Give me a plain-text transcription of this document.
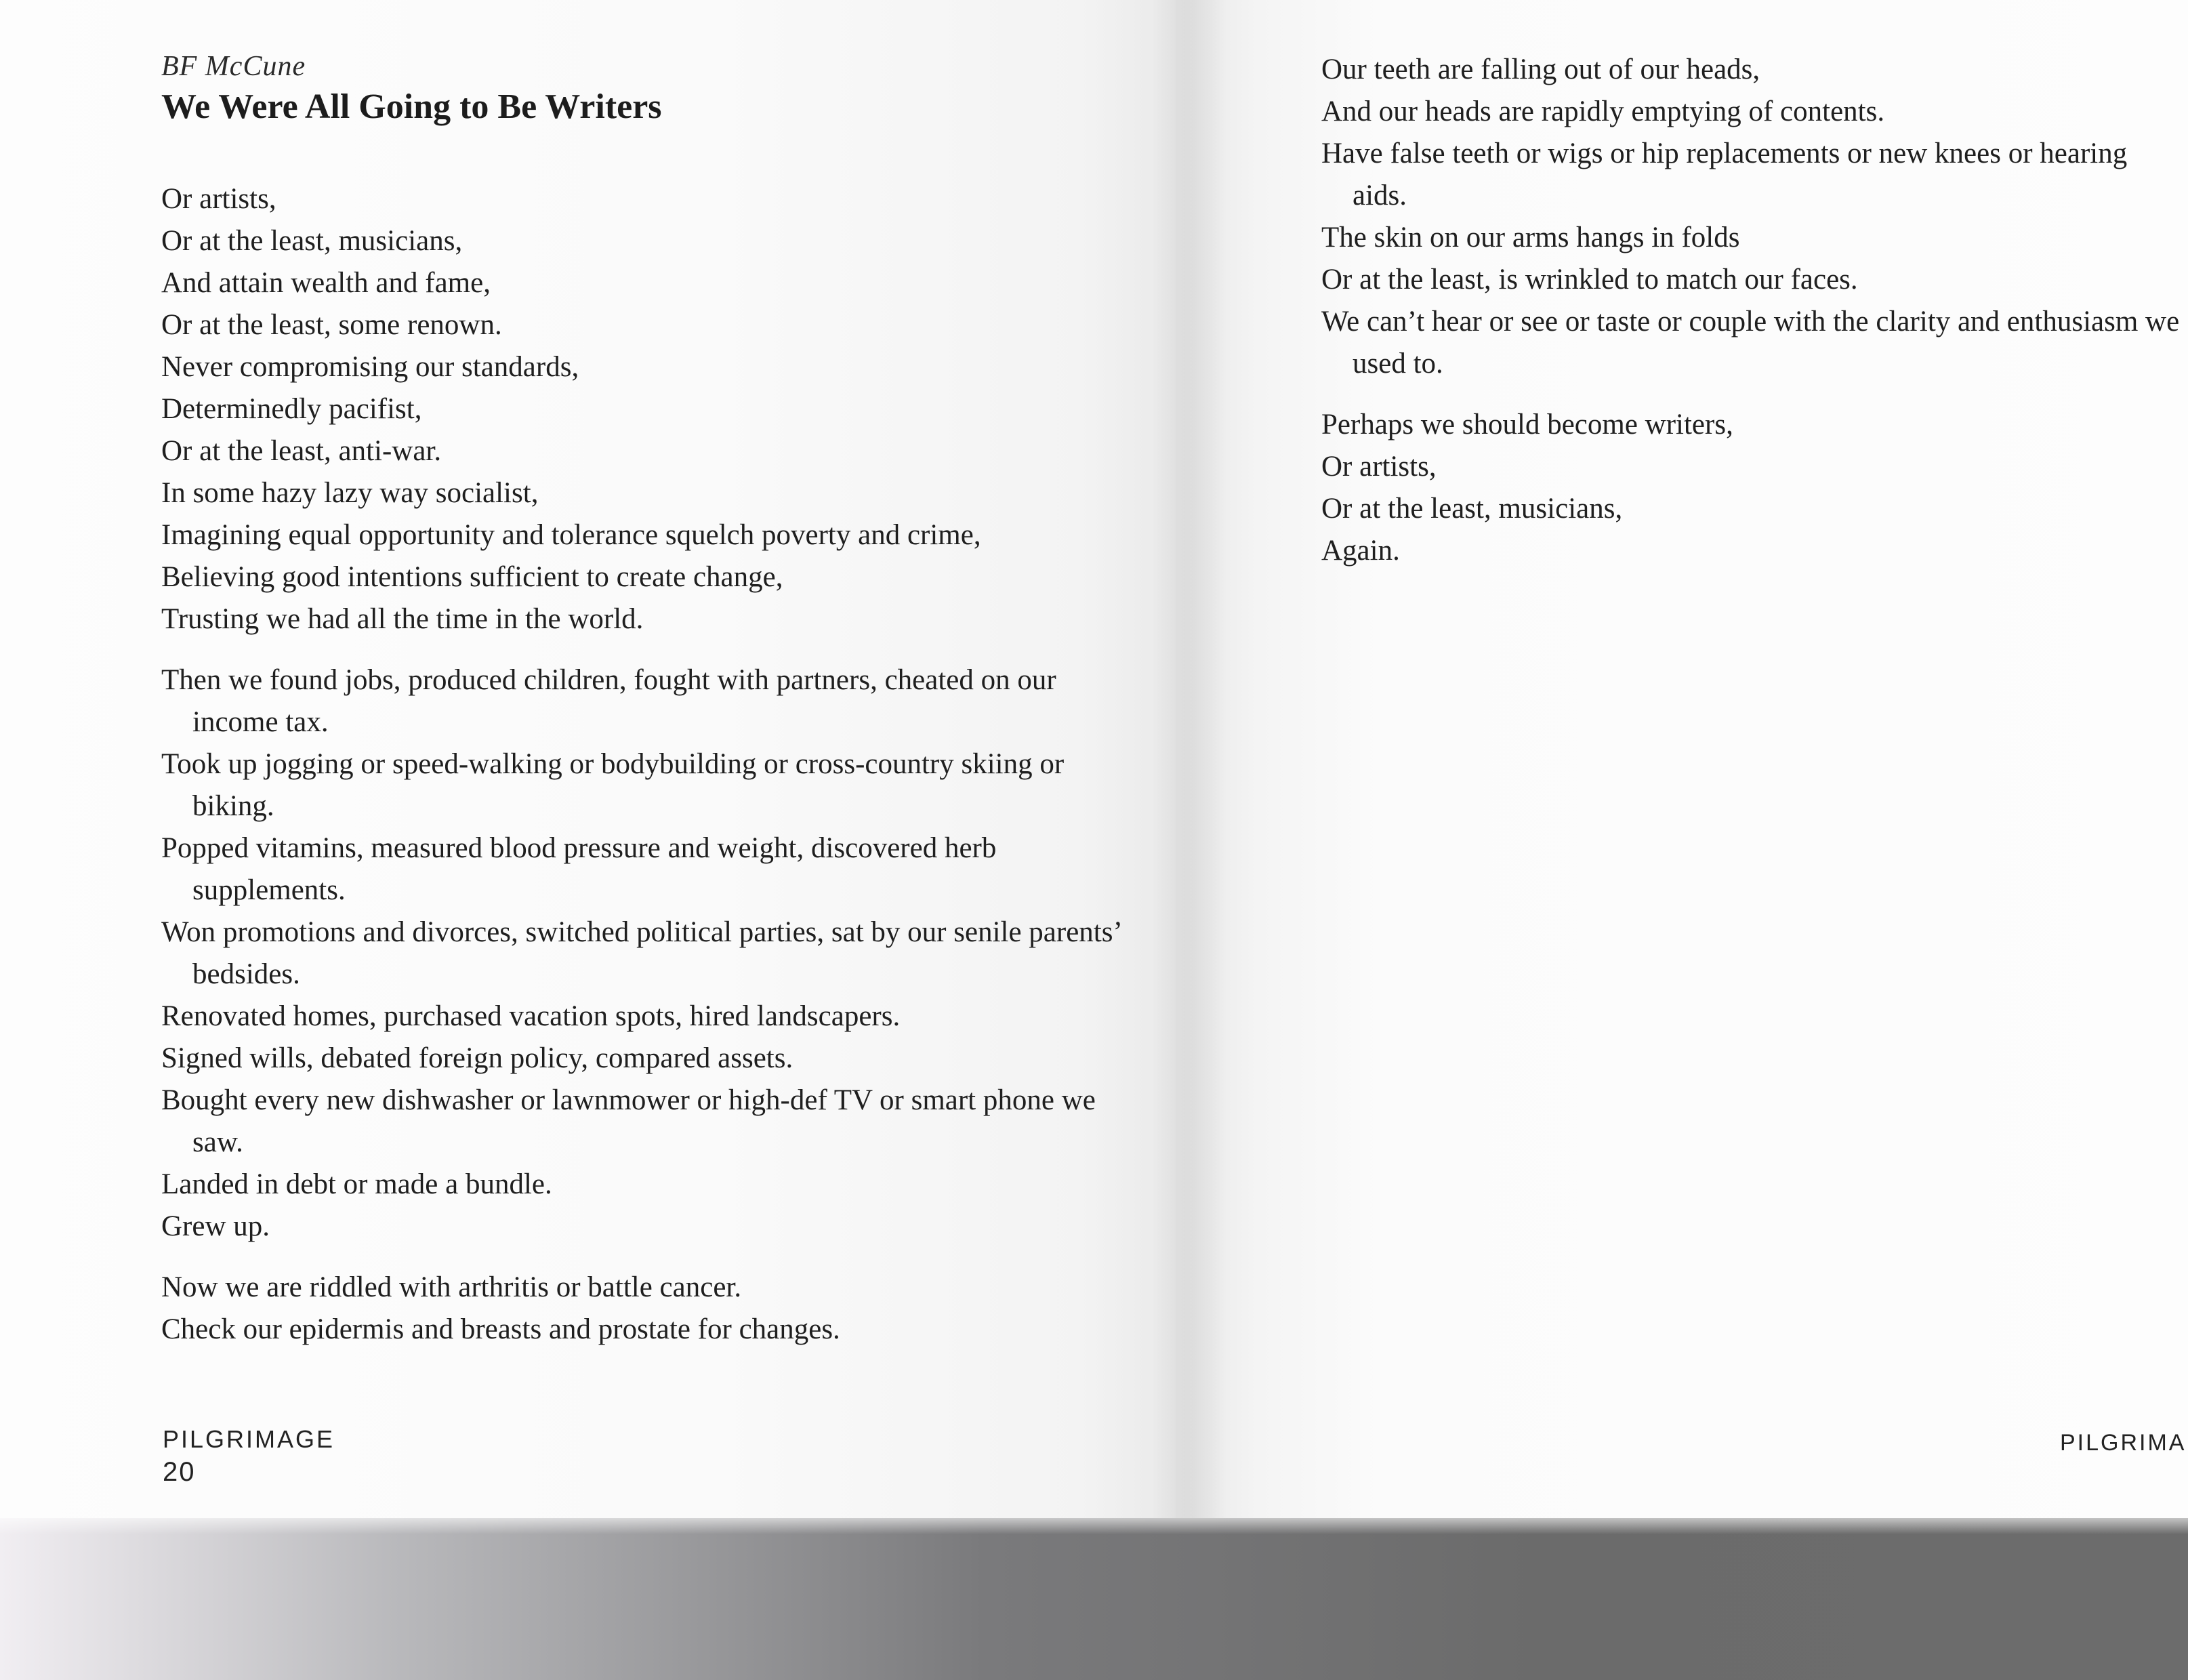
BF McCune
We Were All Going to Be Writers
Or artists,
Or at the least, musicians,
And attain wealth and fame,
Or at the least, some renown.
Never compromising our standards,
Determinedly pacifist,
Or at the least, anti-war.
In some hazy lazy way socialist,
Imagining equal opportunity and tolerance squelch poverty and crime,
Believing good intentions sufficient to create change,
Trusting we had all the time in the world.
Then we found jobs, produced children, fought with partners, cheated on our income tax.
Took up jogging or speed-walking or bodybuilding or cross-country skiing or biking.
Popped vitamins, measured blood pressure and weight, discovered herb supplements.
Won promotions and divorces, switched political parties, sat by our senile parents’ bedsides.
Renovated homes, purchased vacation spots, hired landscapers.
Signed wills, debated foreign policy, compared assets.
Bought every new dishwasher or lawnmower or high-def TV or smart phone we saw.
Landed in debt or made a bundle.
Grew up.
Now we are riddled with arthritis or battle cancer.
Check our epidermis and breasts and prostate for changes.
PILGRIMAGE
20
Our teeth are falling out of our heads,
And our heads are rapidly emptying of contents.
Have false teeth or wigs or hip replacements or new knees or hearing aids.
The skin on our arms hangs in folds
Or at the least, is wrinkled to match our faces.
We can’t hear or see or taste or couple with the clarity and enthusiasm we used to.
Perhaps we should become writers,
Or artists,
Or at the least, musicians,
Again.
PILGRIMA
